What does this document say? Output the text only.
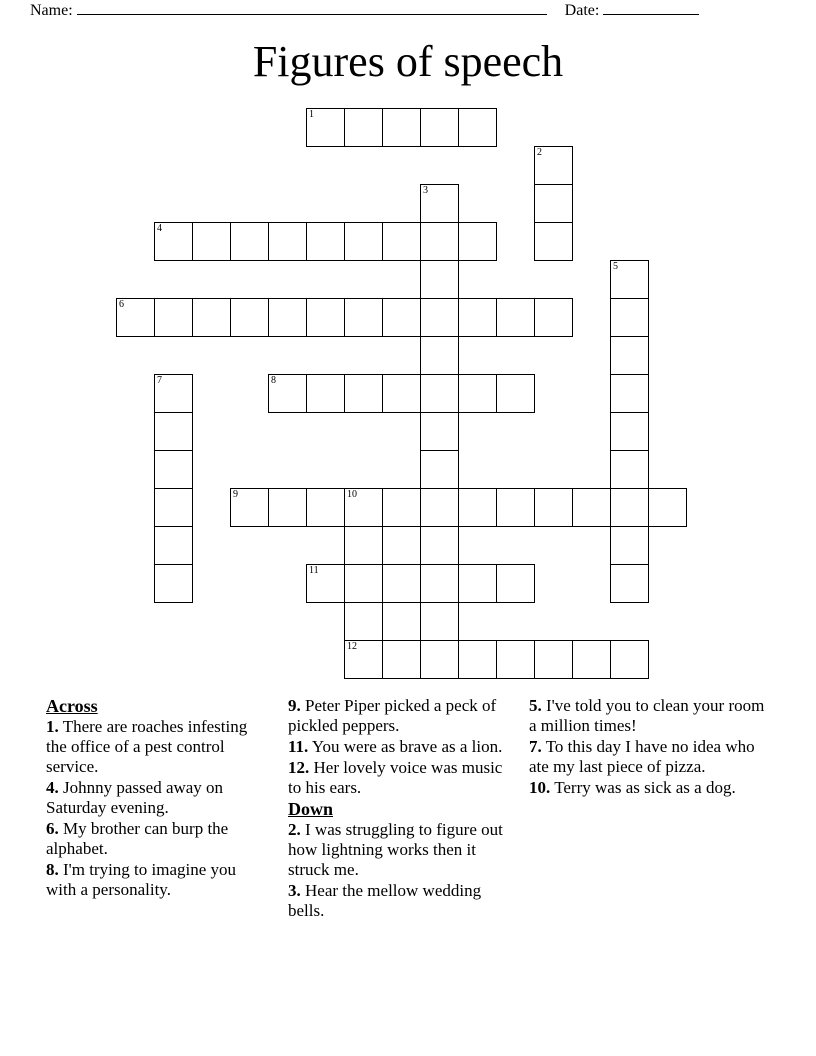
Name:	Date:
Figures of speech
1
2
3
4
5
6
7	8
9	10
12
11
Across
1. There are roaches infesting the office of a pest control service.
4. Johnny passed away on Saturday evening.
6. My brother can burp the alphabet.
8. I'm trying to imagine you with a personality.
9. Peter Piper picked a peck of pickled peppers.
11. You were as brave as a lion.
12. Her lovely voice was music to his ears.
Down
2. I was struggling to figure out how lightning works then it struck me.
3. Hear the mellow wedding bells.
5. I've told you to clean your room a million times!
7. To this day I have no idea who ate my last piece of pizza.
10. Terry was as sick as a dog.
